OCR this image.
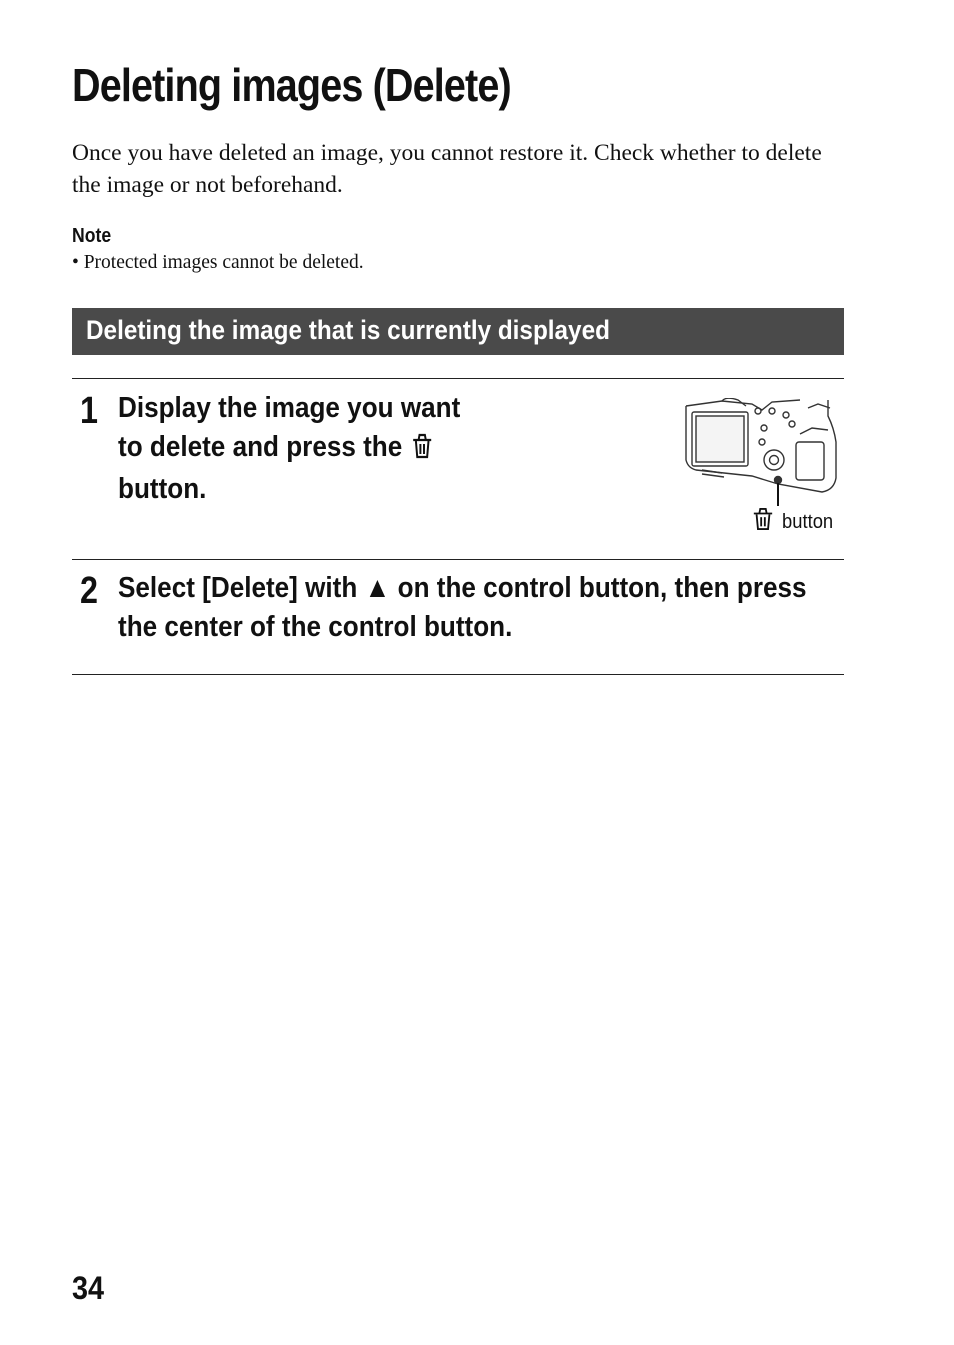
Deleting images (Delete)

Once you have deleted an image, you cannot restore it. Check whether to delete the image or not beforehand.

Note
• Protected images cannot be deleted.
Deleting the image that is currently displayed
1 Display the image you want
to delete and press the
button.
button
2 Select [Delete] with ▲ on the control button, then press
the center of the control button.
34
